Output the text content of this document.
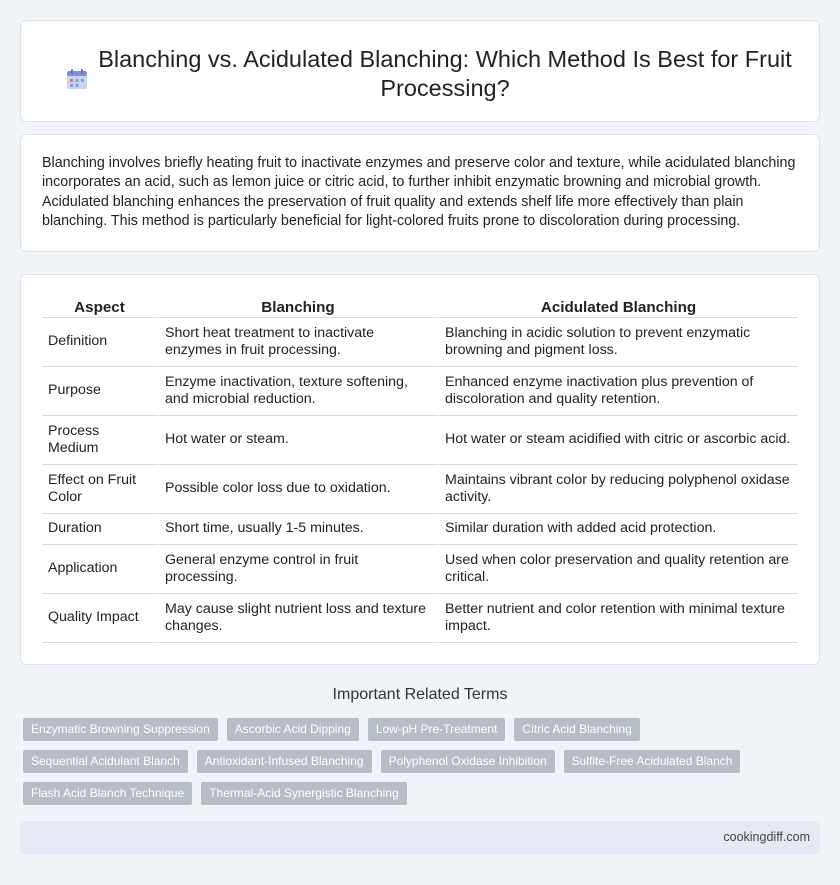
Blanching vs. Acidulated Blanching: Which Method Is Best for Fruit Processing?

Blanching involves briefly heating fruit to inactivate enzymes and preserve color and texture, while acidulated blanching incorporates an acid, such as lemon juice or citric acid, to further inhibit enzymatic browning and microbial growth. Acidulated blanching enhances the preservation of fruit quality and extends shelf life more effectively than plain blanching. This method is particularly beneficial for light-colored fruits prone to discoloration during processing.

Aspect	Blanching	Acidulated Blanching
Definition	Short heat treatment to inactivate enzymes in fruit processing.	Blanching in acidic solution to prevent enzymatic browning and pigment loss.
Purpose	Enzyme inactivation, texture softening, and microbial reduction.	Enhanced enzyme inactivation plus prevention of discoloration and quality retention.
Process Medium	Hot water or steam.	Hot water or steam acidified with citric or ascorbic acid.
Effect on Fruit Color	Possible color loss due to oxidation.	Maintains vibrant color by reducing polyphenol oxidase activity.
Duration	Short time, usually 1-5 minutes.	Similar duration with added acid protection.
Application	General enzyme control in fruit processing.	Used when color preservation and quality retention are critical.
Quality Impact	May cause slight nutrient loss and texture changes.	Better nutrient and color retention with minimal texture impact.
Important Related Terms
Enzymatic Browning Suppression	Ascorbic Acid Dipping	Low-pH Pre-Treatment	Citric Acid Blanching
Sequential Acidulant Blanch	Antioxidant-Infused Blanching	Polyphenol Oxidase Inhibition	Sulfite-Free Acidulated Blanch
Flash Acid Blanch Technique	Thermal-Acid Synergistic Blanching
cookingdiff.com
